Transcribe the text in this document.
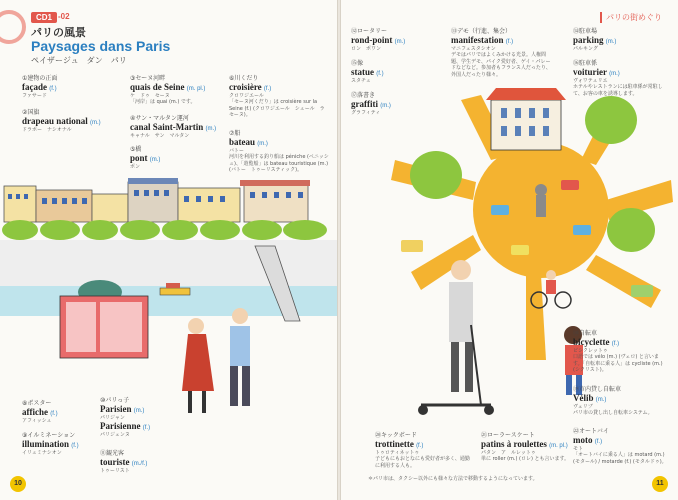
CD1 -02
パリの風景
Paysages dans Paris
ペイザージュ　ダン　パリ
①建物の正面
façade (f.)
ファサード
②国旗
drapeau national (m.)
ドラポー　ナシオナル
③セーヌ河畔
quais de Seine (m. pl.)
ケ　ドゥ　セーヌ
「河岸」は quai (m.) です。
④サン・マルタン運河
canal Saint-Martin (m.)
キャナル　サン　マルタン
⑤橋
pont (m.)
ポン
⑥川くだり
croisière (f.)
クロワジエール
「セーヌ河くだり」は croisière sur la Seine (f.) (クロワジエール　シュール　ラ　セーヌ)。
⑦船
bateau (m.)
バトー
河川を利用する釣り船は péniche (ペニッシュ)、「遊覧船」は bateau touristique (m.) (バトー　トゥーリスティック)。
⑧ポスター
affiche (f.)
アフィッシュ
⑨イルミネーション
illumination (f.)
イリュミナシオン
⑩パリっ子
Parisien (m.)
パリジャン
Parisienne (f.)
パリジェンヌ
⑪観光客
touriste (m./f.)
トゥーリスト
10
パリの街めぐり
⑫ロータリー
rond-point (m.)
ロン　ポワン
⑬デモ（行進、集会）
manifestation (f.)
マニフェスタシオン
デモはパリではよくみかける光景。人権問題、学生デモ、パイク愛好者、ゲイ・パレードなどなど。参加者もフランス人だったり、外国人だったり様々。
⑭駐車場
parking (m.)
パルキング
⑮像
statue (f.)
スタチュ
⑯駐車係
voiturier (m.)
ヴォワテュリエ
ホテルやレストランには駐車係が常駐して、お客の車を誘導します。
⑰落書き
graffiti (m.)
グラフィティ
⑱自転車
bicyclette (f.)
ビシクレットゥ
口語では vélo (m.) (ヴェロ) と言います。「自転車に乗る人」は cycliste (m.) (シクリスト)。
⑲市内貸し自転車
Vélib (m.)
ヴェリブ
パリ市の貸し出し自転車システム。
㉒オートバイ
moto (f.)
モト
「オートバイに乗る人」は motard (m.) (モタール) / motarde (f.) (モタルドゥ)。
⑳キックボード
trottinette (f.)
トゥロティネットゥ
子どもにもおとなにも愛好者が多く、通勤に利用する人も。
㉑ローラースケート
patins à roulettes (m. pl.)
パタン　ア　ルレットゥ
単に roller (m.) (ロレ) とも言います。
11
＊パリ市は、タクシー以外にも様々な方法で移動するようになっています。
